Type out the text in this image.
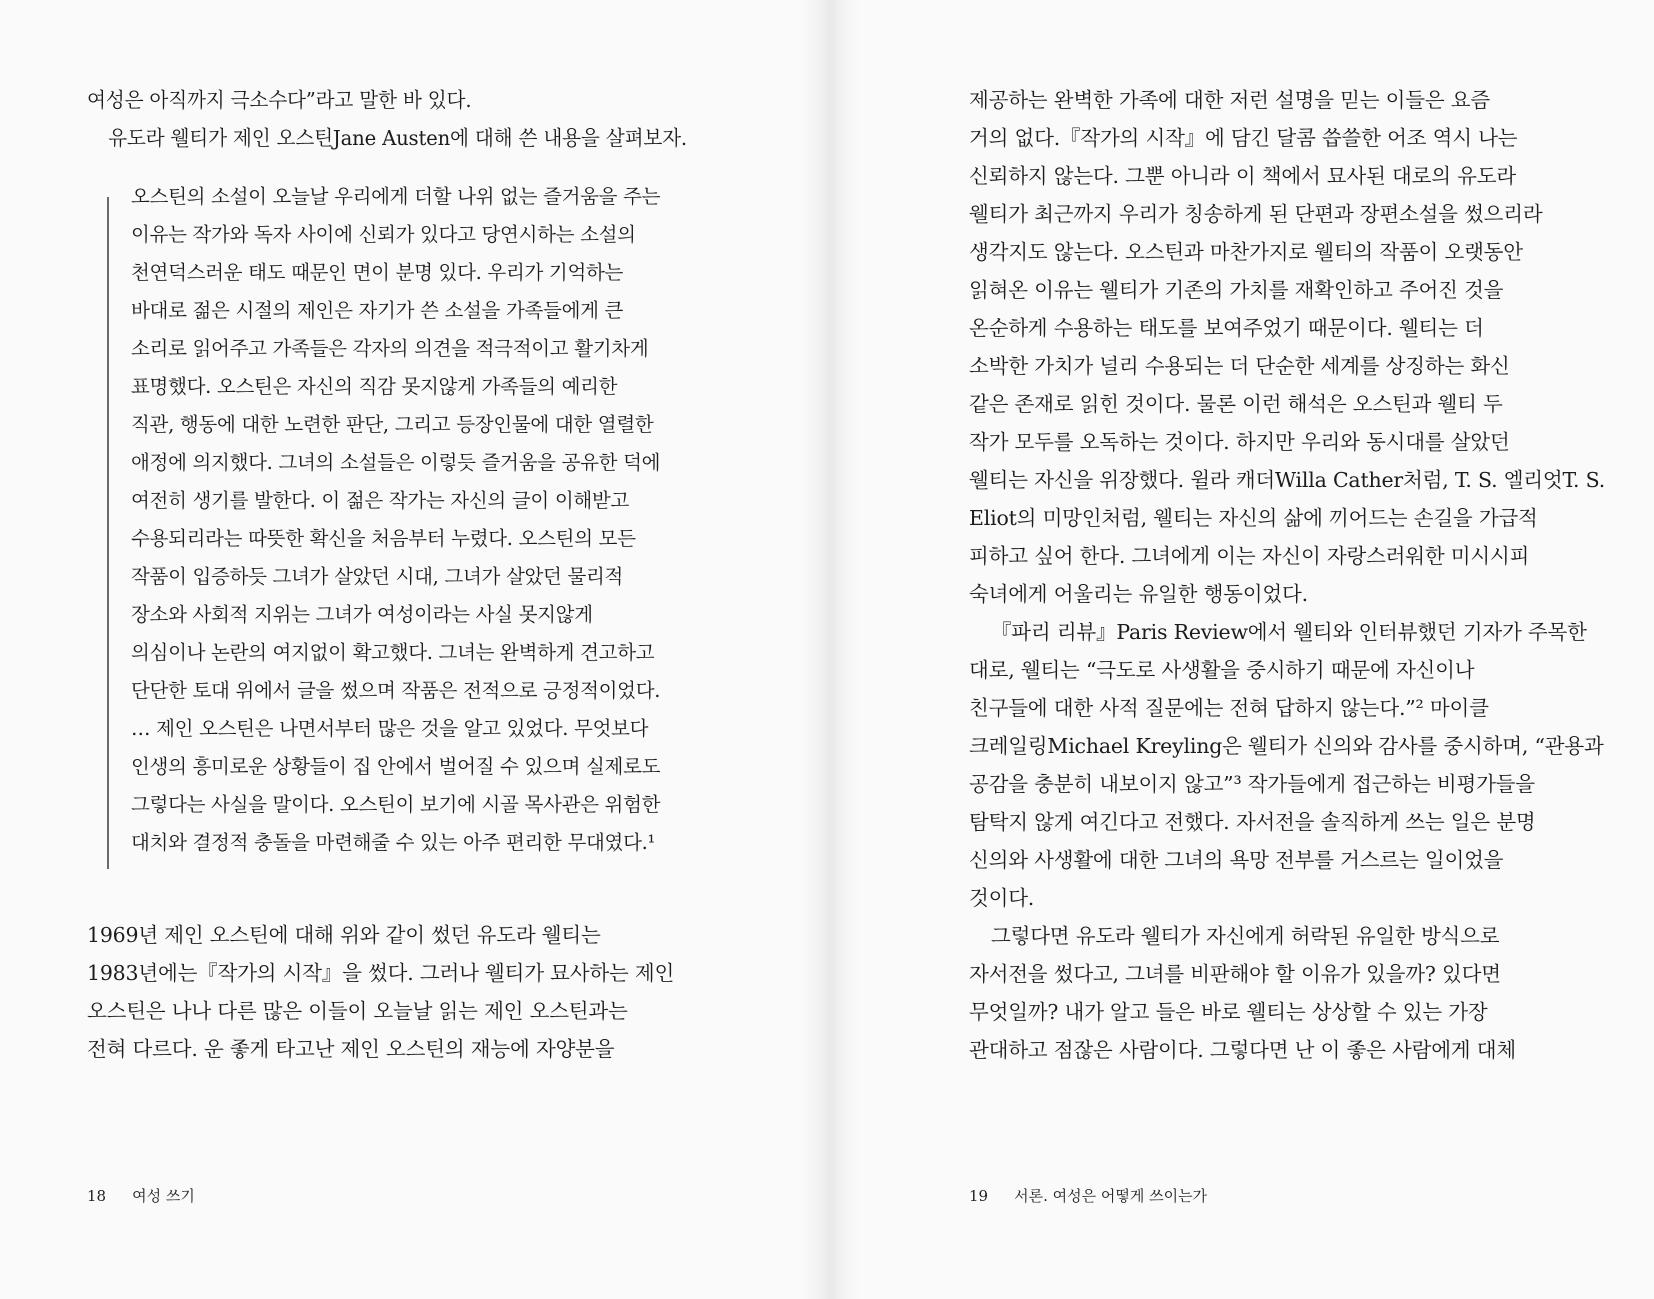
여성은 아직까지 극소수다”라고 말한 바 있다.
유도라 웰티가 제인 오스틴Jane Austen에 대해 쓴 내용을 살펴보자.
오스틴의 소설이 오늘날 우리에게 더할 나위 없는 즐거움을 주는
이유는 작가와 독자 사이에 신뢰가 있다고 당연시하는 소설의
천연덕스러운 태도 때문인 면이 분명 있다. 우리가 기억하는
바대로 젊은 시절의 제인은 자기가 쓴 소설을 가족들에게 큰
소리로 읽어주고 가족들은 각자의 의견을 적극적이고 활기차게
표명했다. 오스틴은 자신의 직감 못지않게 가족들의 예리한
직관, 행동에 대한 노련한 판단, 그리고 등장인물에 대한 열렬한
애정에 의지했다. 그녀의 소설들은 이렇듯 즐거움을 공유한 덕에
여전히 생기를 발한다. 이 젊은 작가는 자신의 글이 이해받고
수용되리라는 따뜻한 확신을 처음부터 누렸다. 오스틴의 모든
작품이 입증하듯 그녀가 살았던 시대, 그녀가 살았던 물리적
장소와 사회적 지위는 그녀가 여성이라는 사실 못지않게
의심이나 논란의 여지없이 확고했다. 그녀는 완벽하게 견고하고
단단한 토대 위에서 글을 썼으며 작품은 전적으로 긍정적이었다.
… 제인 오스틴은 나면서부터 많은 것을 알고 있었다. 무엇보다
인생의 흥미로운 상황들이 집 안에서 벌어질 수 있으며 실제로도
그렇다는 사실을 말이다. 오스틴이 보기에 시골 목사관은 위험한
대치와 결정적 충돌을 마련해줄 수 있는 아주 편리한 무대였다.¹
1969년 제인 오스틴에 대해 위와 같이 썼던 유도라 웰티는
1983년에는『작가의 시작』을 썼다. 그러나 웰티가 묘사하는 제인
오스틴은 나나 다른 많은 이들이 오늘날 읽는 제인 오스틴과는
전혀 다르다. 운 좋게 타고난 제인 오스틴의 재능에 자양분을
18 여성 쓰기
제공하는 완벽한 가족에 대한 저런 설명을 믿는 이들은 요즘
거의 없다.『작가의 시작』에 담긴 달콤 씁쓸한 어조 역시 나는
신뢰하지 않는다. 그뿐 아니라 이 책에서 묘사된 대로의 유도라
웰티가 최근까지 우리가 칭송하게 된 단편과 장편소설을 썼으리라
생각지도 않는다. 오스틴과 마찬가지로 웰티의 작품이 오랫동안
읽혀온 이유는 웰티가 기존의 가치를 재확인하고 주어진 것을
온순하게 수용하는 태도를 보여주었기 때문이다. 웰티는 더
소박한 가치가 널리 수용되는 더 단순한 세계를 상징하는 화신
같은 존재로 읽힌 것이다. 물론 이런 해석은 오스틴과 웰티 두
작가 모두를 오독하는 것이다. 하지만 우리와 동시대를 살았던
웰티는 자신을 위장했다. 윌라 캐더Willa Cather처럼, T. S. 엘리엇T. S.
Eliot의 미망인처럼, 웰티는 자신의 삶에 끼어드는 손길을 가급적
피하고 싶어 한다. 그녀에게 이는 자신이 자랑스러워한 미시시피
숙녀에게 어울리는 유일한 행동이었다.
『파리 리뷰』Paris Review에서 웰티와 인터뷰했던 기자가 주목한
대로, 웰티는 “극도로 사생활을 중시하기 때문에 자신이나
친구들에 대한 사적 질문에는 전혀 답하지 않는다.”² 마이클
크레일링Michael Kreyling은 웰티가 신의와 감사를 중시하며, “관용과
공감을 충분히 내보이지 않고”³ 작가들에게 접근하는 비평가들을
탐탁지 않게 여긴다고 전했다. 자서전을 솔직하게 쓰는 일은 분명
신의와 사생활에 대한 그녀의 욕망 전부를 거스르는 일이었을
것이다.
그렇다면 유도라 웰티가 자신에게 허락된 유일한 방식으로
자서전을 썼다고, 그녀를 비판해야 할 이유가 있을까? 있다면
무엇일까? 내가 알고 들은 바로 웰티는 상상할 수 있는 가장
관대하고 점잖은 사람이다. 그렇다면 난 이 좋은 사람에게 대체
19 서론. 여성은 어떻게 쓰이는가
